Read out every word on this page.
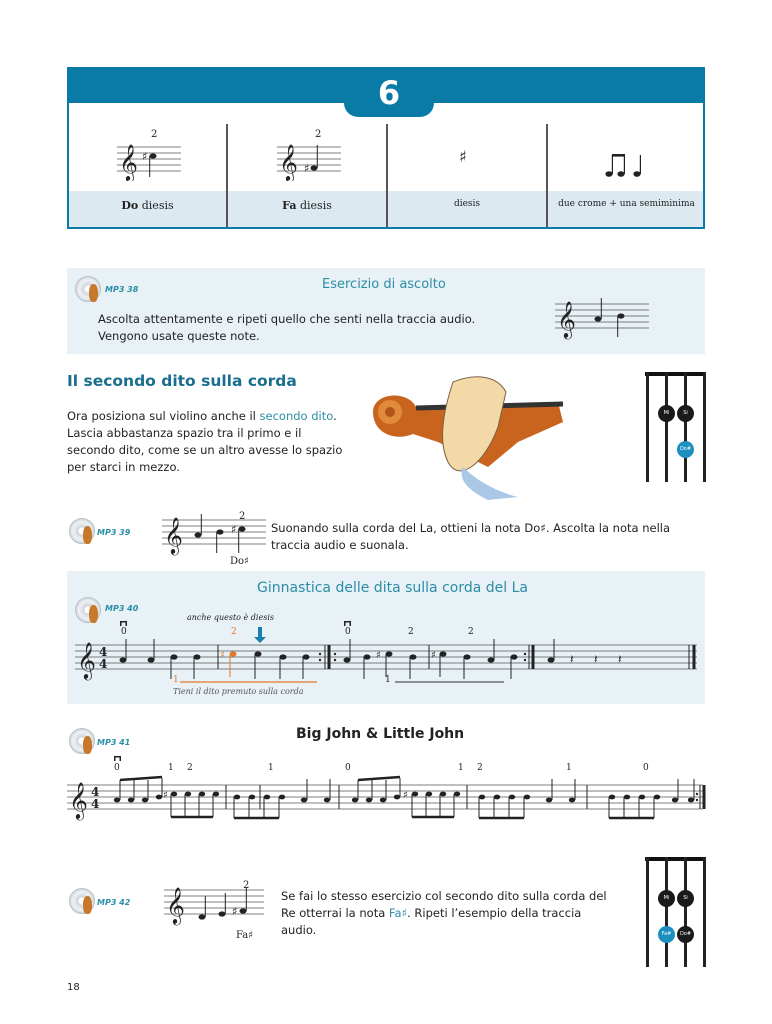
6
𝄞 ♯
2
Do diesis
𝄞 ♯
2
Fa diesis
♯
diesis	due crome + una semiminima
MP3 38	Esercizio di ascolto
Ascolta attentamente e ripeti quello che senti nella traccia audio.
Vengono usate queste note.	𝄞
Il secondo dito sulla corda
Ora posiziona sul violino anche il secondo dito. Lascia abbastanza spazio tra il primo e il secondo dito, come se un altro avesse lo spazio per starci in mezzo.
Mi	Si
Do#
MP3 39 𝄞	♯
2
Do♯
Suonando sulla corda del La, ottieni la nota Do♯. Ascolta la nota nella traccia audio e suonala.
Ginnastica delle dita sulla corda del La
MP3 40
anche questo è diesis
Tieni il dito premuto sulla corda
𝄞 4
4
♯	♯	♯	𝄽 𝄽 𝄽
0	2	0	2	2
1	1
MP3 41
Big John & Little John
𝄞 4
4
♯	♯
0	1 2	1	0	1 2	1	0
MP3 42 𝄞	♯
2
Fa♯
Se fai lo stesso esercizio col secondo dito sulla corda del Re otterrai la nota Fa♯. Ripeti l’esempio della traccia audio.
Mi	Si
Fa#	Do#
18
